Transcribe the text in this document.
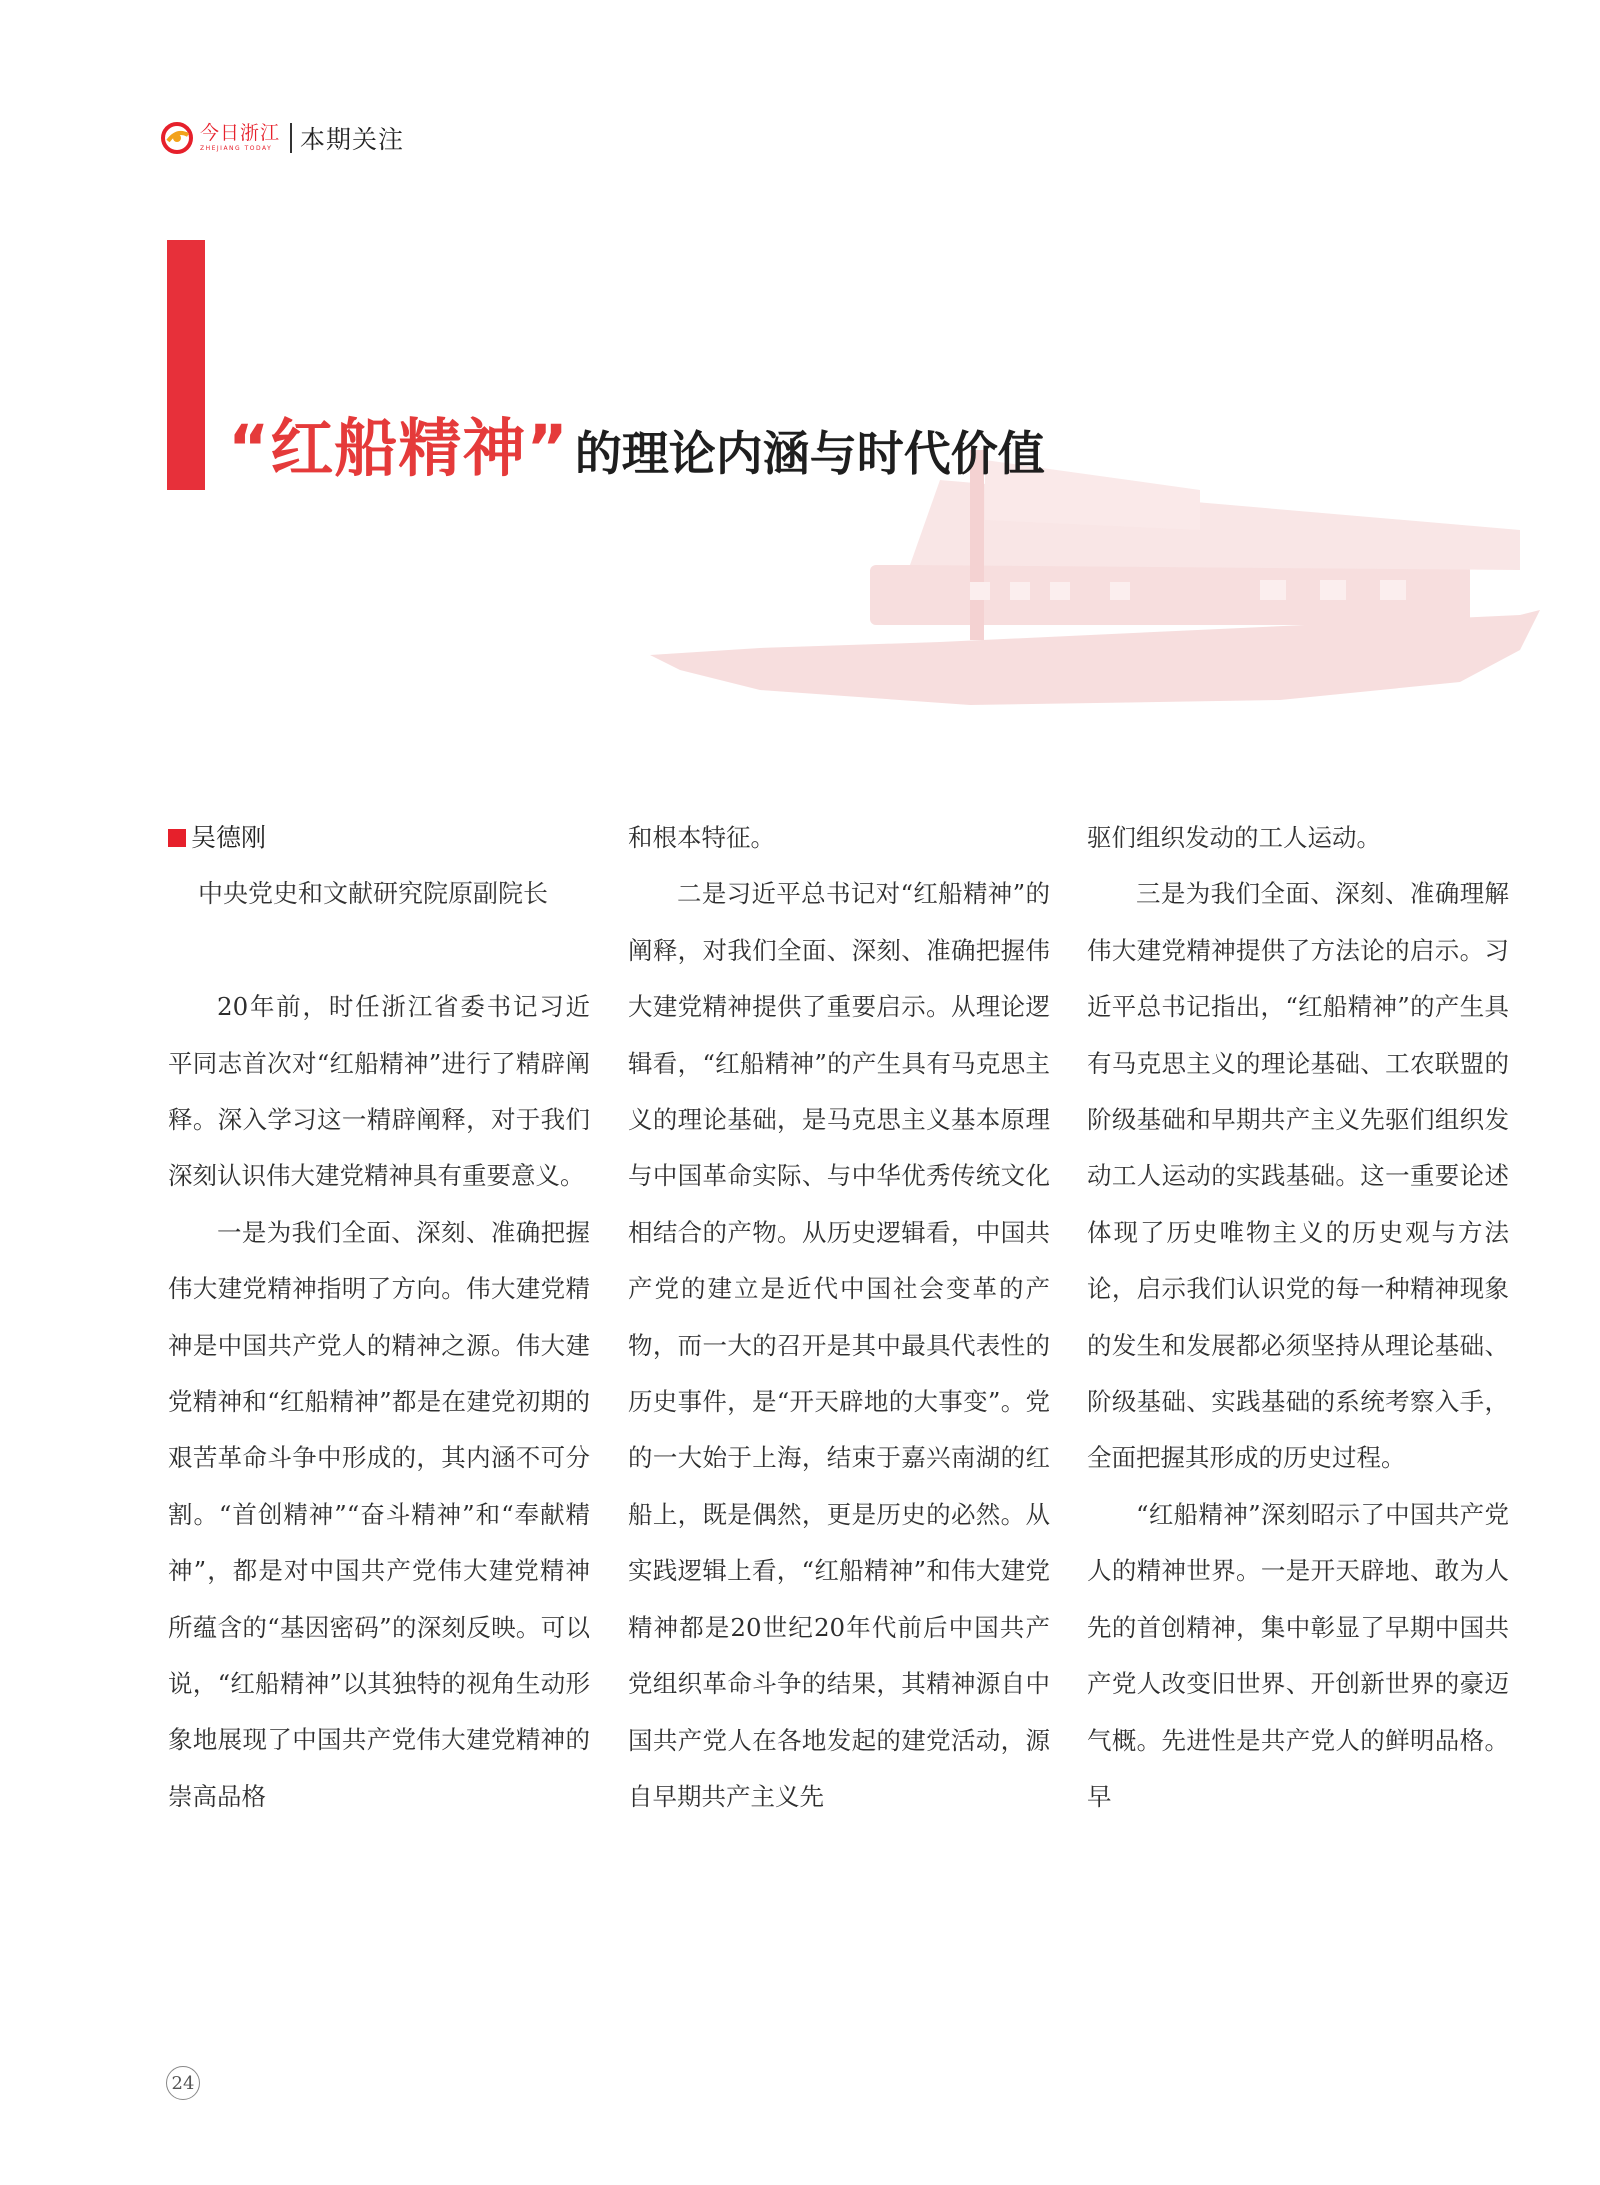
今日浙江
ZHEJIANG TODAY	本期关注
“红船精神” 的理论内涵与时代价值
吴德刚
中央党史和文献研究院原副院长

20年前，时任浙江省委书记习近平同志首次对“红船精神”进行了精辟阐释。深入学习这一精辟阐释，对于我们深刻认识伟大建党精神具有重要意义。

一是为我们全面、深刻、准确把握伟大建党精神指明了方向。伟大建党精神是中国共产党人的精神之源。伟大建党精神和“红船精神”都是在建党初期的艰苦革命斗争中形成的，其内涵不可分割。“首创精神”“奋斗精神”和“奉献精神”，都是对中国共产党伟大建党精神所蕴含的“基因密码”的深刻反映。可以说，“红船精神”以其独特的视角生动形象地展现了中国共产党伟大建党精神的崇高品格

和根本特征。

二是习近平总书记对“红船精神”的阐释，对我们全面、深刻、准确把握伟大建党精神提供了重要启示。从理论逻辑看，“红船精神”的产生具有马克思主义的理论基础，是马克思主义基本原理与中国革命实际、与中华优秀传统文化相结合的产物。从历史逻辑看，中国共产党的建立是近代中国社会变革的产物，而一大的召开是其中最具代表性的历史事件，是“开天辟地的大事变”。党的一大始于上海，结束于嘉兴南湖的红船上，既是偶然，更是历史的必然。从实践逻辑上看，“红船精神”和伟大建党精神都是20世纪20年代前后中国共产党组织革命斗争的结果，其精神源自中国共产党人在各地发起的建党活动，源自早期共产主义先

驱们组织发动的工人运动。

三是为我们全面、深刻、准确理解伟大建党精神提供了方法论的启示。习近平总书记指出，“红船精神”的产生具有马克思主义的理论基础、工农联盟的阶级基础和早期共产主义先驱们组织发动工人运动的实践基础。这一重要论述体现了历史唯物主义的历史观与方法论，启示我们认识党的每一种精神现象的发生和发展都必须坚持从理论基础、阶级基础、实践基础的系统考察入手，全面把握其形成的历史过程。

“红船精神”深刻昭示了中国共产党人的精神世界。一是开天辟地、敢为人先的首创精神，集中彰显了早期中国共产党人改变旧世界、开创新世界的豪迈气概。先进性是共产党人的鲜明品格。早

24
